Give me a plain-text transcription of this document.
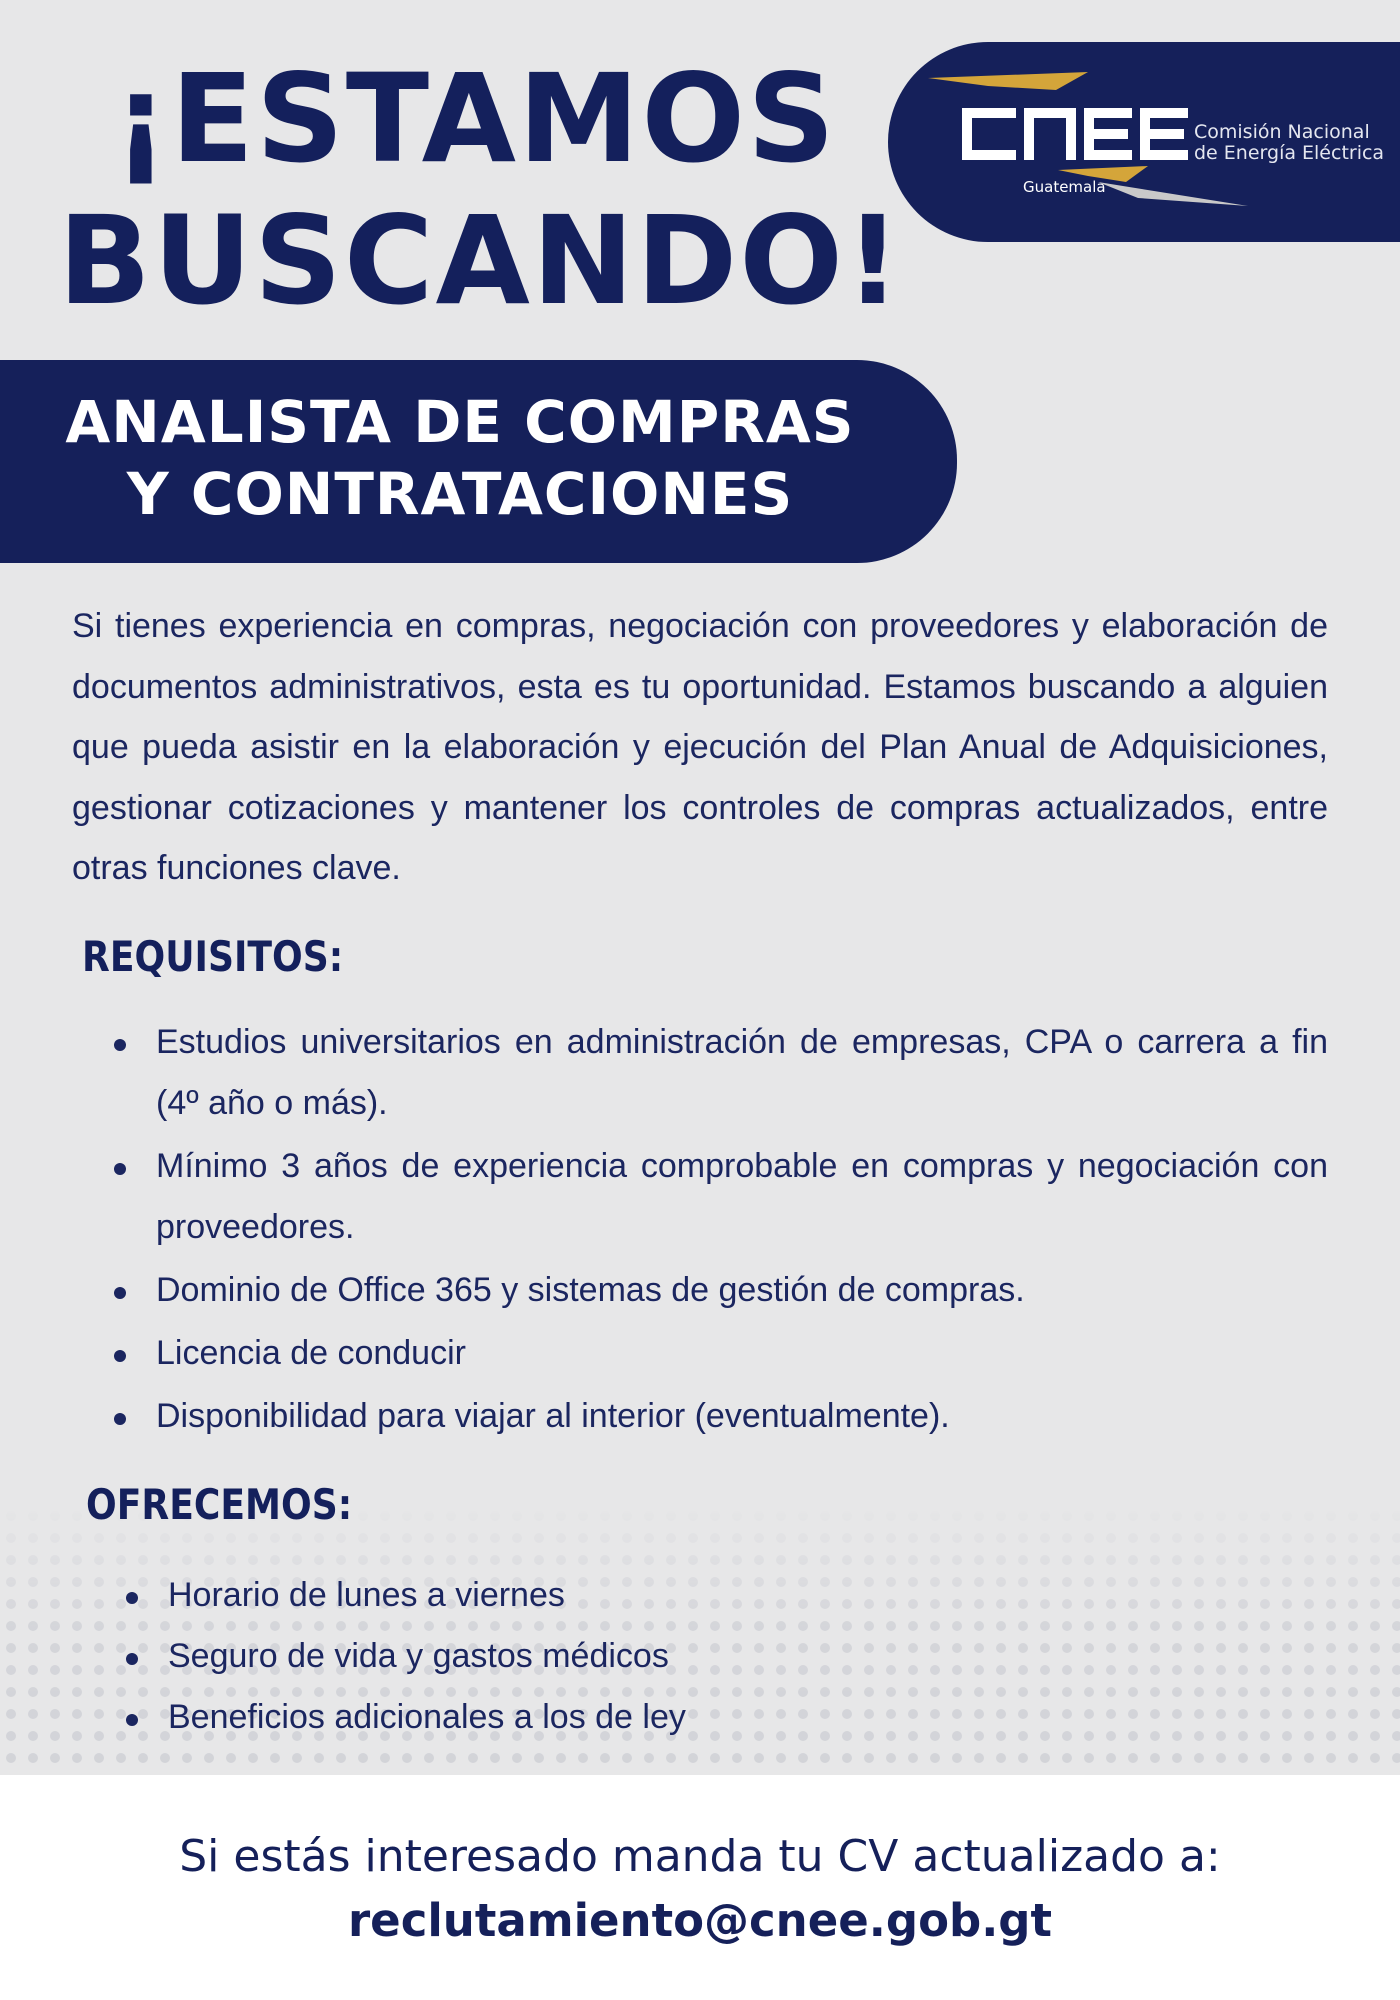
¡ESTAMOS
BUSCANDO!
Comisión Nacional
de Energía Eléctrica
Guatemala
ANALISTA DE COMPRAS
Y CONTRATACIONES

Si tienes experiencia en compras, negociación con proveedores y elaboración de documentos administrativos, esta es tu oportunidad. Estamos buscando a alguien que pueda asistir en la elaboración y ejecución del Plan Anual de Adquisiciones, gestionar cotizaciones y mantener los controles de compras actualizados, entre otras funciones clave.

REQUISITOS:
Estudios universitarios en administración de empresas, CPA o carrera a fin (4º año o más).
Mínimo 3 años de experiencia comprobable en compras y negociación con proveedores.
Dominio de Office 365 y sistemas de gestión de compras.
Licencia de conducir
Disponibilidad para viajar al interior (eventualmente).
OFRECEMOS:
Horario de lunes a viernes
Seguro de vida y gastos médicos
Beneficios adicionales a los de ley
Si estás interesado manda tu CV actualizado a:
reclutamiento@cnee.gob.gt
